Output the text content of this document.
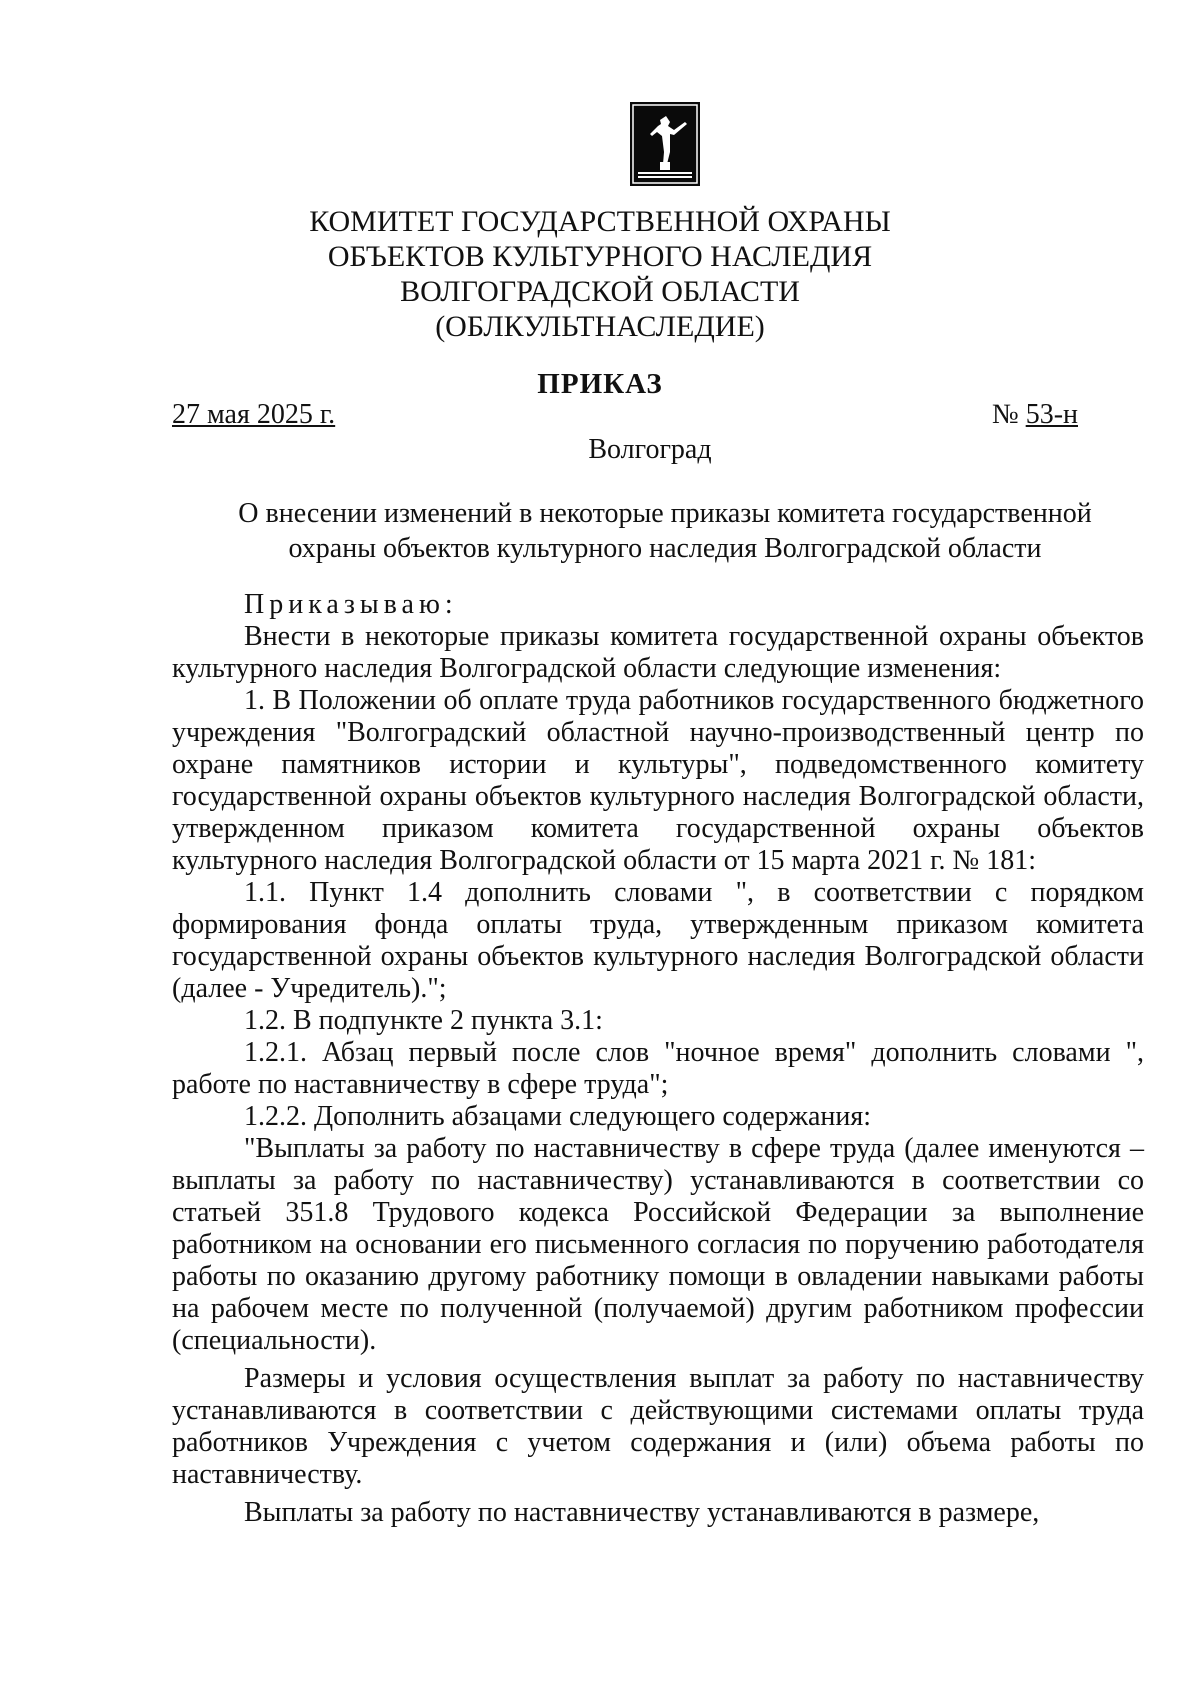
КОМИТЕТ ГОСУДАРСТВЕННОЙ ОХРАНЫ
ОБЪЕКТОВ КУЛЬТУРНОГО НАСЛЕДИЯ
ВОЛГОГРАДСКОЙ ОБЛАСТИ
(ОБЛКУЛЬТНАСЛЕДИЕ)
ПРИКАЗ
27 мая 2025 г.	№ 53-н
Волгоград
О внесении изменений в некоторые приказы комитета государственной
охраны объектов культурного наследия Волгоградской области

Приказываю:

Внести в некоторые приказы комитета государственной охраны объектов культурного наследия Волгоградской области следующие изменения:

1. В Положении об оплате труда работников государственного бюджетного учреждения "Волгоградский областной научно-производственный центр по охране памятников истории и культуры", подведомственного комитету государственной охраны объектов культурного наследия Волгоградской области, утвержденном приказом комитета государственной охраны объектов культурного наследия Волгоградской области от 15 марта 2021 г. № 181:

1.1. Пункт 1.4 дополнить словами ", в соответствии с порядком формирования фонда оплаты труда, утвержденным приказом комитета государственной охраны объектов культурного наследия Волгоградской области (далее - Учредитель).";

1.2. В подпункте 2 пункта 3.1:

1.2.1. Абзац первый после слов "ночное время" дополнить словами ", работе по наставничеству в сфере труда";

1.2.2. Дополнить абзацами следующего содержания:

"Выплаты за работу по наставничеству в сфере труда (далее именуются – выплаты за работу по наставничеству) устанавливаются в соответствии со статьей 351.8 Трудового кодекса Российской Федерации за выполнение работником на основании его письменного согласия по поручению работодателя работы по оказанию другому работнику помощи в овладении навыками работы на рабочем месте по полученной (получаемой) другим работником профессии (специальности).

Размеры и условия осуществления выплат за работу по наставничеству устанавливаются в соответствии с действующими системами оплаты труда работников Учреждения с учетом содержания и (или) объема работы по наставничеству.

Выплаты за работу по наставничеству устанавливаются в размере,
